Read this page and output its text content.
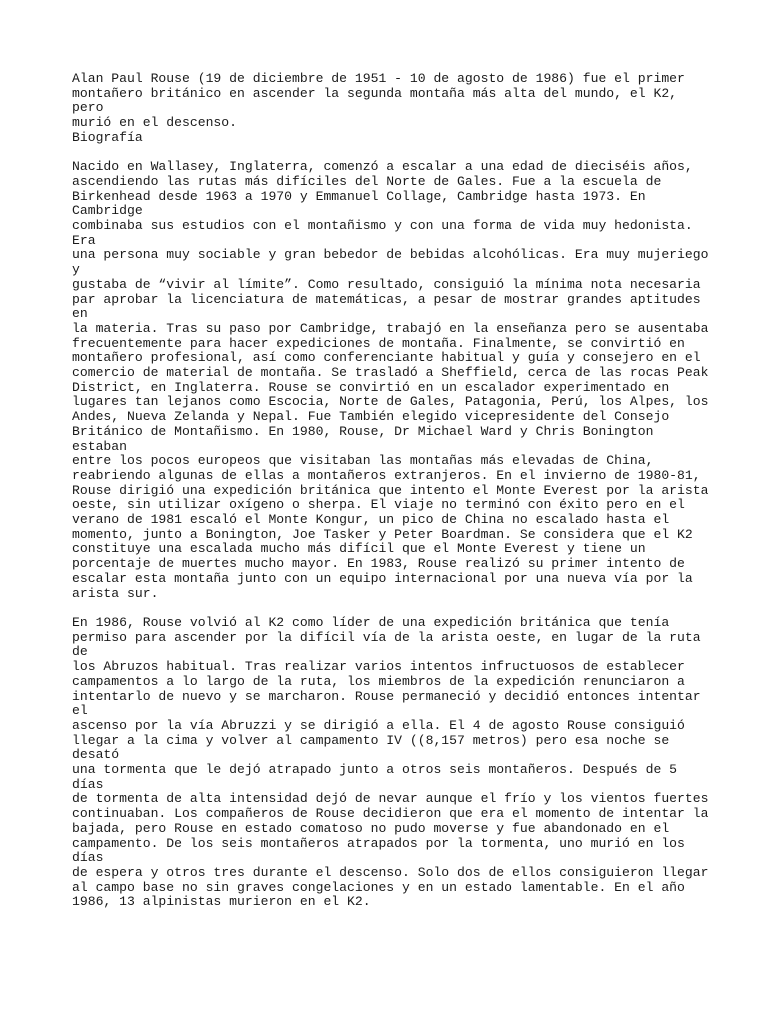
Alan Paul Rouse (19 de diciembre de 1951 - 10 de agosto de 1986) fue el primer
montañero británico en ascender la segunda montaña más alta del mundo, el K2, pero
murió en el descenso.

Biografía

Nacido en Wallasey, Inglaterra, comenzó a escalar a una edad de dieciséis años,
ascendiendo las rutas más difíciles del Norte de Gales. Fue a la escuela de
Birkenhead desde 1963 a 1970 y Emmanuel Collage, Cambridge hasta 1973. En Cambridge
combinaba sus estudios con el montañismo y con una forma de vida muy hedonista. Era
una persona muy sociable y gran bebedor de bebidas alcohólicas. Era muy mujeriego y
gustaba de “vivir al límite”. Como resultado, consiguió la mínima nota necesaria
par aprobar la licenciatura de matemáticas, a pesar de mostrar grandes aptitudes en
la materia. Tras su paso por Cambridge, trabajó en la enseñanza pero se ausentaba
frecuentemente para hacer expediciones de montaña. Finalmente, se convirtió en
montañero profesional, así como conferenciante habitual y guía y consejero en el
comercio de material de montaña. Se trasladó a Sheffield, cerca de las rocas Peak
District, en Inglaterra. Rouse se convirtió en un escalador experimentado en
lugares tan lejanos como Escocia, Norte de Gales, Patagonia, Perú, los Alpes, los
Andes, Nueva Zelanda y Nepal. Fue También elegido vicepresidente del Consejo
Británico de Montañismo. En 1980, Rouse, Dr Michael Ward y Chris Bonington estaban
entre los pocos europeos que visitaban las montañas más elevadas de China,
reabriendo algunas de ellas a montañeros extranjeros. En el invierno de 1980-81,
Rouse dirigió una expedición británica que intento el Monte Everest por la arista
oeste, sin utilizar oxígeno o sherpa. El viaje no terminó con éxito pero en el
verano de 1981 escaló el Monte Kongur, un pico de China no escalado hasta el
momento, junto a Bonington, Joe Tasker y Peter Boardman. Se considera que el K2
constituye una escalada mucho más difícil que el Monte Everest y tiene un
porcentaje de muertes mucho mayor. En 1983, Rouse realizó su primer intento de
escalar esta montaña junto con un equipo internacional por una nueva vía por la
arista sur.

En 1986, Rouse volvió al K2 como líder de una expedición británica que tenía
permiso para ascender por la difícil vía de la arista oeste, en lugar de la ruta de
los Abruzos habitual. Tras realizar varios intentos infructuosos de establecer
campamentos a lo largo de la ruta, los miembros de la expedición renunciaron a
intentarlo de nuevo y se marcharon. Rouse permaneció y decidió entonces intentar el
ascenso por la vía Abruzzi y se dirigió a ella. El 4 de agosto Rouse consiguió
llegar a la cima y volver al campamento IV ((8,157 metros) pero esa noche se desató
una tormenta que le dejó atrapado junto a otros seis montañeros. Después de 5 días
de tormenta de alta intensidad dejó de nevar aunque el frío y los vientos fuertes
continuaban. Los compañeros de Rouse decidieron que era el momento de intentar la
bajada, pero Rouse en estado comatoso no pudo moverse y fue abandonado en el
campamento. De los seis montañeros atrapados por la tormenta, uno murió en los días
de espera y otros tres durante el descenso. Solo dos de ellos consiguieron llegar
al campo base no sin graves congelaciones y en un estado lamentable. En el año
1986, 13 alpinistas murieron en el K2.
